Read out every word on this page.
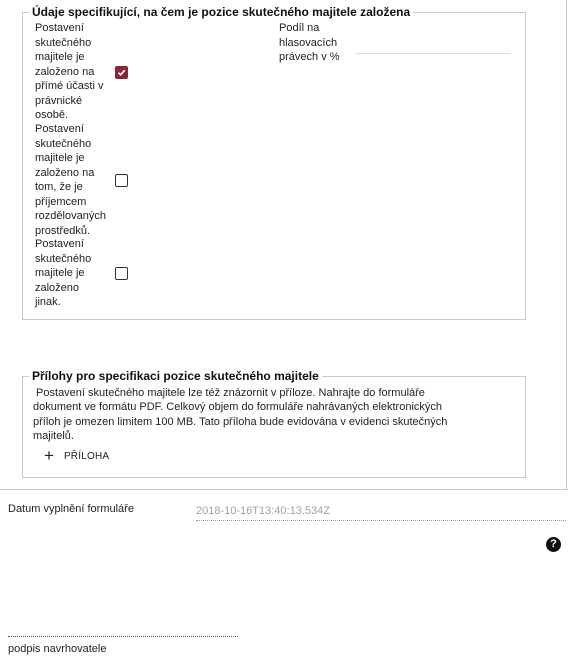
Údaje specifikující, na čem je pozice skutečného majitele založena
Postavení
skutečného
majitele je
založeno na
přímé účasti v
právnické
osobě.
Podíl na
hlasovacích
právech v %
Postavení
skutečného
majitele je
založeno na
tom, že je
příjemcem
rozdělovaných
prostředků.
Postavení
skutečného
majitele je
založeno
jinak.
Přílohy pro specifikaci pozice skutečného majitele
Postavení skutečného majitele lze též znázornit v příloze. Nahrajte do formuláře
dokument ve formátu PDF. Celkový objem do formuláře nahrávaných elektronických
příloh je omezen limitem 100 MB. Tato příloha bude evidována v evidenci skutečných
majitelů.
+ PŘÍLOHA
Datum vyplnění formuláře
2018-10-16T13:40:13.534Z
?
podpis navrhovatele
